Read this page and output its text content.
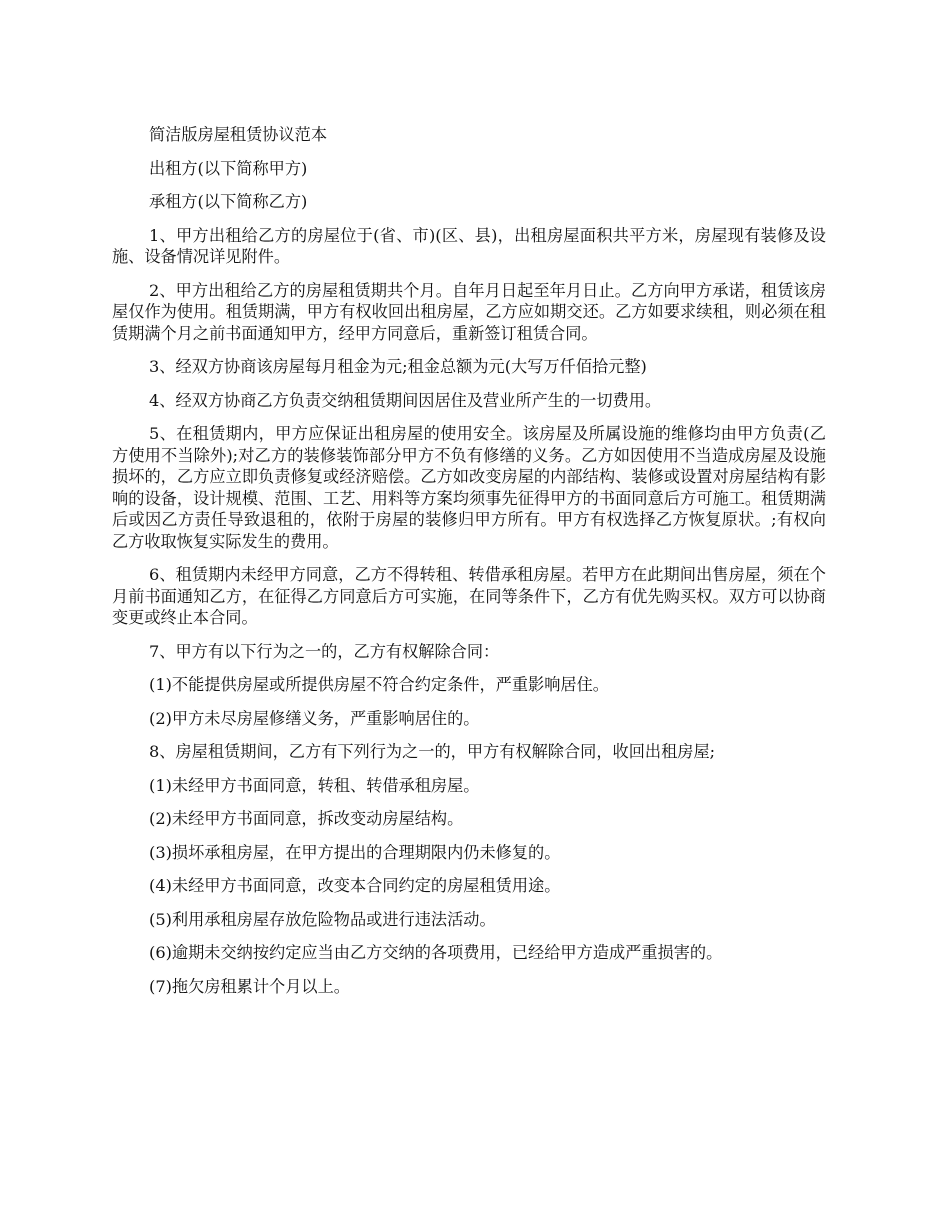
简洁版房屋租赁协议范本

出租方(以下简称甲方)

承租方(以下简称乙方)

1、甲方出租给乙方的房屋位于(省、市)(区、县)，出租房屋面积共平方米，房屋现有装修及设施、设备情况详见附件。

2、甲方出租给乙方的房屋租赁期共个月。自年月日起至年月日止。乙方向甲方承诺，租赁该房屋仅作为使用。租赁期满，甲方有权收回出租房屋，乙方应如期交还。乙方如要求续租，则必须在租赁期满个月之前书面通知甲方，经甲方同意后，重新签订租赁合同。

3、经双方协商该房屋每月租金为元;租金总额为元(大写万仟佰拾元整)

4、经双方协商乙方负责交纳租赁期间因居住及营业所产生的一切费用。

5、在租赁期内，甲方应保证出租房屋的使用安全。该房屋及所属设施的维修均由甲方负责(乙方使用不当除外);对乙方的装修装饰部分甲方不负有修缮的义务。乙方如因使用不当造成房屋及设施损坏的，乙方应立即负责修复或经济赔偿。乙方如改变房屋的内部结构、装修或设置对房屋结构有影响的设备，设计规模、范围、工艺、用料等方案均须事先征得甲方的书面同意后方可施工。租赁期满后或因乙方责任导致退租的，依附于房屋的装修归甲方所有。甲方有权选择乙方恢复原状。;有权向乙方收取恢复实际发生的费用。

6、租赁期内未经甲方同意，乙方不得转租、转借承租房屋。若甲方在此期间出售房屋，须在个月前书面通知乙方，在征得乙方同意后方可实施，在同等条件下，乙方有优先购买权。双方可以协商变更或终止本合同。

7、甲方有以下行为之一的，乙方有权解除合同：

(1)不能提供房屋或所提供房屋不符合约定条件，严重影响居住。

(2)甲方未尽房屋修缮义务，严重影响居住的。

8、房屋租赁期间，乙方有下列行为之一的，甲方有权解除合同，收回出租房屋;

(1)未经甲方书面同意，转租、转借承租房屋。

(2)未经甲方书面同意，拆改变动房屋结构。

(3)损坏承租房屋，在甲方提出的合理期限内仍未修复的。

(4)未经甲方书面同意，改变本合同约定的房屋租赁用途。

(5)利用承租房屋存放危险物品或进行违法活动。

(6)逾期未交纳按约定应当由乙方交纳的各项费用，已经给甲方造成严重损害的。

(7)拖欠房租累计个月以上。
